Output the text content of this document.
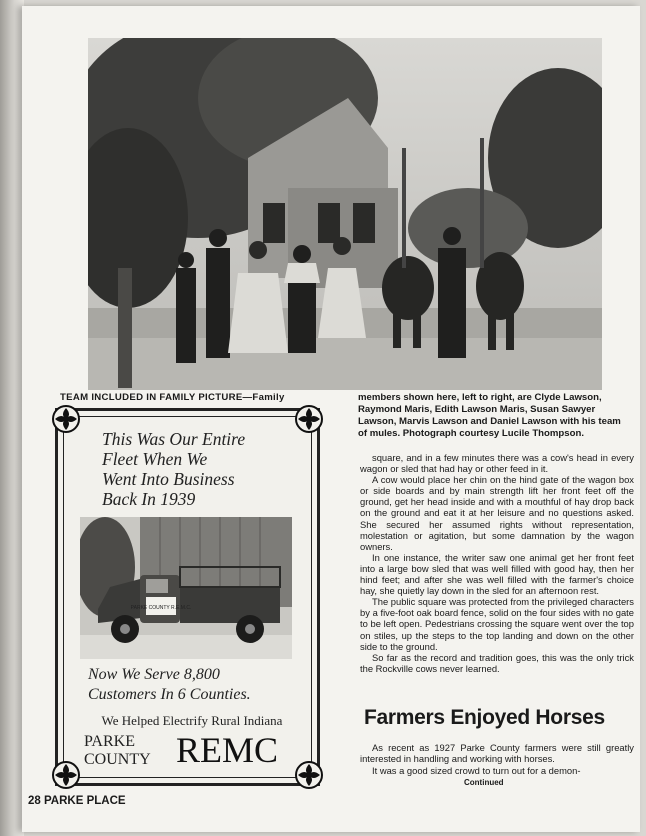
TEAM INCLUDED IN FAMILY PICTURE—Family	members shown here, left to right, are Clyde Lawson, Raymond Maris, Edith Lawson Maris, Susan Sawyer Lawson, Marvis Lawson and Daniel Lawson with his team of mules. Photograph courtesy Lucile Thompson.

square, and in a few minutes there was a cow's head in every wagon or sled that had hay or other feed in it.

A cow would place her chin on the hind gate of the wagon box or side boards and by main strength lift her front feet off the ground, get her head inside and with a mouthful of hay drop back on the ground and eat it at her leisure and no questions asked. She secured her assumed rights without representation, molestation or agitation, but some damnation by the wagon owners.

In one instance, the writer saw one animal get her front feet into a large bow sled that was well filled with good hay, then her hind feet; and after she was well filled with the farmer's choice hay, she quietly lay down in the sled for an afternoon rest.

The public square was protected from the privileged characters by a five-foot oak board fence, solid on the four sides with no gate to be left open. Pedestrians crossing the square went over the top on stiles, up the steps to the top landing and down on the other side to the ground.

So far as the record and tradition goes, this was the only trick the Rockville cows never learned.

Farmers Enjoyed Horses

As recent as 1927 Parke County farmers were still greatly interested in handling and working with horses.

It was a good sized crowd to turn out for a demon-

Continued
This Was Our Entire
Fleet When We
Went Into Business
Back In 1939
PARKE COUNTY R.E.M.C.
Now We Serve 8,800
Customers In 6 Counties.
We Helped Electrify Rural Indiana
PARKE
COUNTY REMC
28 PARKE PLACE
